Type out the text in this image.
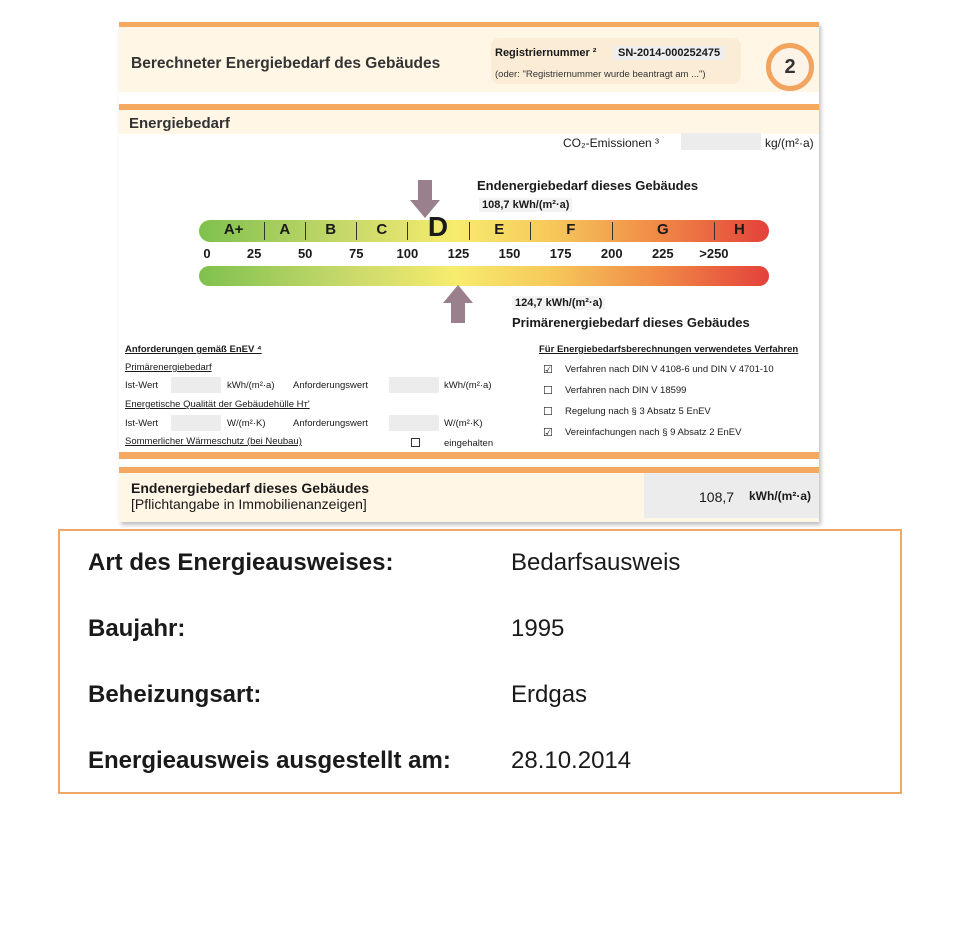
Berechneter Energiebedarf des Gebäudes
Registriernummer ²	SN-2014-000252475
(oder: "Registriernummer wurde beantragt am ...")	2
Energiebedarf
CO₂-Emissionen ³	kg/(m²·a)
Endenergiebedarf dieses Gebäudes
108,7 kWh/(m²·a)
A+	A	B	C	D	E	F	G	H
0	25	50	75	100	125	150	175	200	225	>250
124,7 kWh/(m²·a)
Primärenergiebedarf dieses Gebäudes
Anforderungen gemäß EnEV ⁴
Primärenergiebedarf
Ist-Wert	kWh/(m²·a) Anforderungswert	kWh/(m²·a)
Energetische Qualität der Gebäudehülle Hᴛ'
Ist-Wert	W/(m²·K)	Anforderungswert	W/(m²·K)
Sommerlicher Wärmeschutz (bei Neubau)	eingehalten
Für Energiebedarfsberechnungen verwendetes Verfahren
☑ Verfahren nach DIN V 4108-6 und DIN V 4701-10
☐ Verfahren nach DIN V 18599
☐ Regelung nach § 3 Absatz 5 EnEV
☑ Vereinfachungen nach § 9 Absatz 2 EnEV
Endenergiebedarf dieses Gebäudes
[Pflichtangabe in Immobilienanzeigen]	108,7 kWh/(m²·a)
Art des Energieausweises:	Bedarfsausweis
Baujahr:	1995
Beheizungsart:	Erdgas
Energieausweis ausgestellt am:	28.10.2014
